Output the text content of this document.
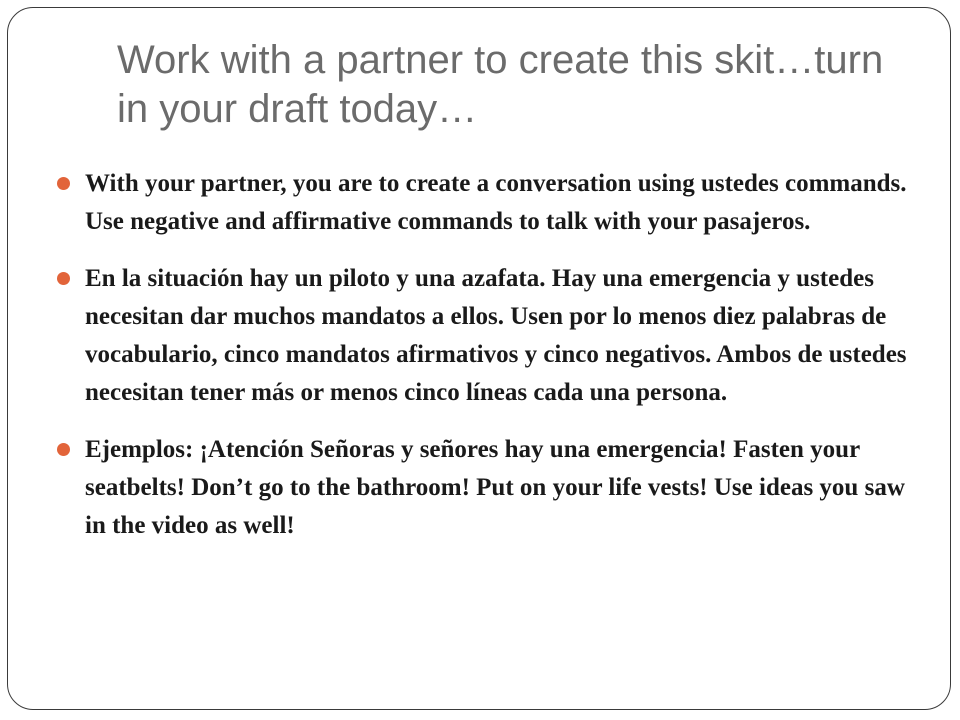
Work with a partner to create this skit…turn in your draft today…
With your partner, you are to create a conversation using ustedes commands. Use negative and affirmative commands to talk with your pasajeros.
En la situación hay un piloto y una azafata. Hay una emergencia y ustedes necesitan dar muchos mandatos a ellos. Usen por lo menos diez palabras de vocabulario, cinco mandatos afirmativos y cinco negativos. Ambos de ustedes necesitan tener más or menos cinco líneas cada una persona.
Ejemplos: ¡Atención Señoras y señores hay una emergencia! Fasten your seatbelts! Don’t go to the bathroom! Put on your life vests! Use ideas you saw in the video as well!
